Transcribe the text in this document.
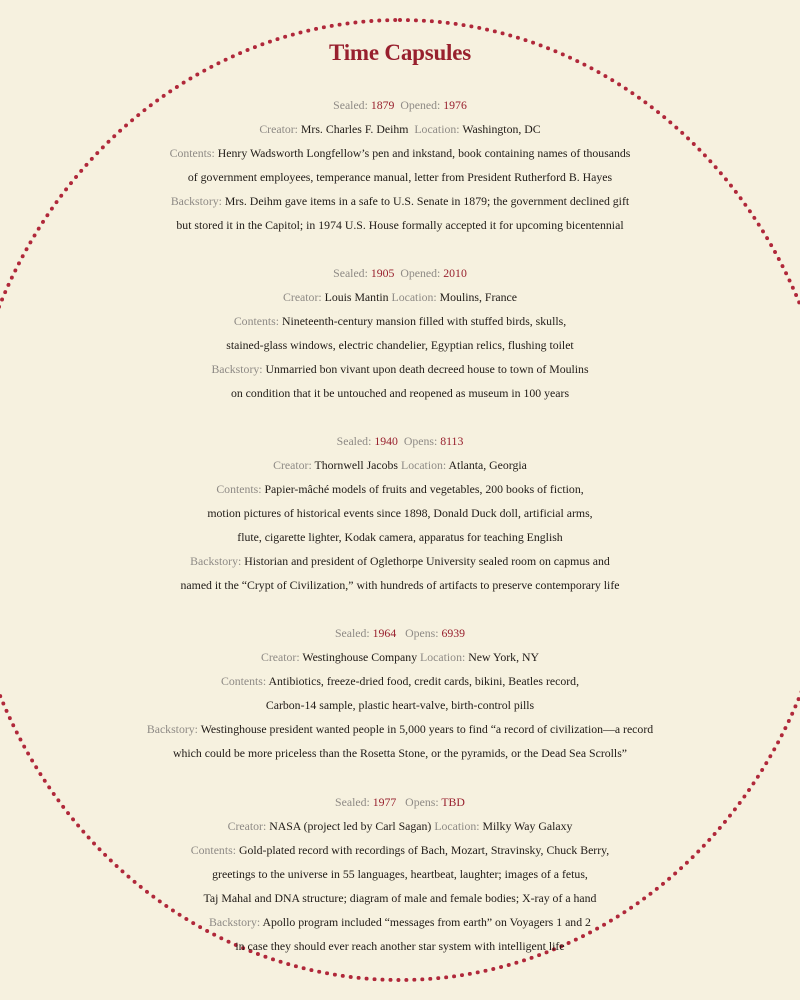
Time Capsules
Sealed: 1879 Opened: 1976
Creator: Mrs. Charles F. Deihm Location: Washington, DC
Contents: Henry Wadsworth Longfellow’s pen and inkstand, book containing names of thousands
of government employees, temperance manual, letter from President Rutherford B. Hayes
Backstory: Mrs. Deihm gave items in a safe to U.S. Senate in 1879; the government declined gift
but stored it in the Capitol; in 1974 U.S. House formally accepted it for upcoming bicentennial
Sealed: 1905 Opened: 2010
Creator: Louis Mantin Location: Moulins, France
Contents: Nineteenth-century mansion filled with stuffed birds, skulls,
stained-glass windows, electric chandelier, Egyptian relics, flushing toilet
Backstory: Unmarried bon vivant upon death decreed house to town of Moulins
on condition that it be untouched and reopened as museum in 100 years
Sealed: 1940 Opens: 8113
Creator: Thornwell Jacobs Location: Atlanta, Georgia
Contents: Papier-mâché models of fruits and vegetables, 200 books of fiction,
motion pictures of historical events since 1898, Donald Duck doll, artificial arms,
flute, cigarette lighter, Kodak camera, apparatus for teaching English
Backstory: Historian and president of Oglethorpe University sealed room on capmus and
named it the “Crypt of Civilization,” with hundreds of artifacts to preserve contemporary life
Sealed: 1964 Opens: 6939
Creator: Westinghouse Company Location: New York, NY
Contents: Antibiotics, freeze-dried food, credit cards, bikini, Beatles record,
Carbon-14 sample, plastic heart-valve, birth-control pills
Backstory: Westinghouse president wanted people in 5,000 years to find “a record of civilization—a record
which could be more priceless than the Rosetta Stone, or the pyramids, or the Dead Sea Scrolls”
Sealed: 1977 Opens: TBD
Creator: NASA (project led by Carl Sagan) Location: Milky Way Galaxy
Contents: Gold-plated record with recordings of Bach, Mozart, Stravinsky, Chuck Berry,
greetings to the universe in 55 languages, heartbeat, laughter; images of a fetus,
Taj Mahal and DNA structure; diagram of male and female bodies; X-ray of a hand
Backstory: Apollo program included “messages from earth” on Voyagers 1 and 2
in case they should ever reach another star system with intelligent life
